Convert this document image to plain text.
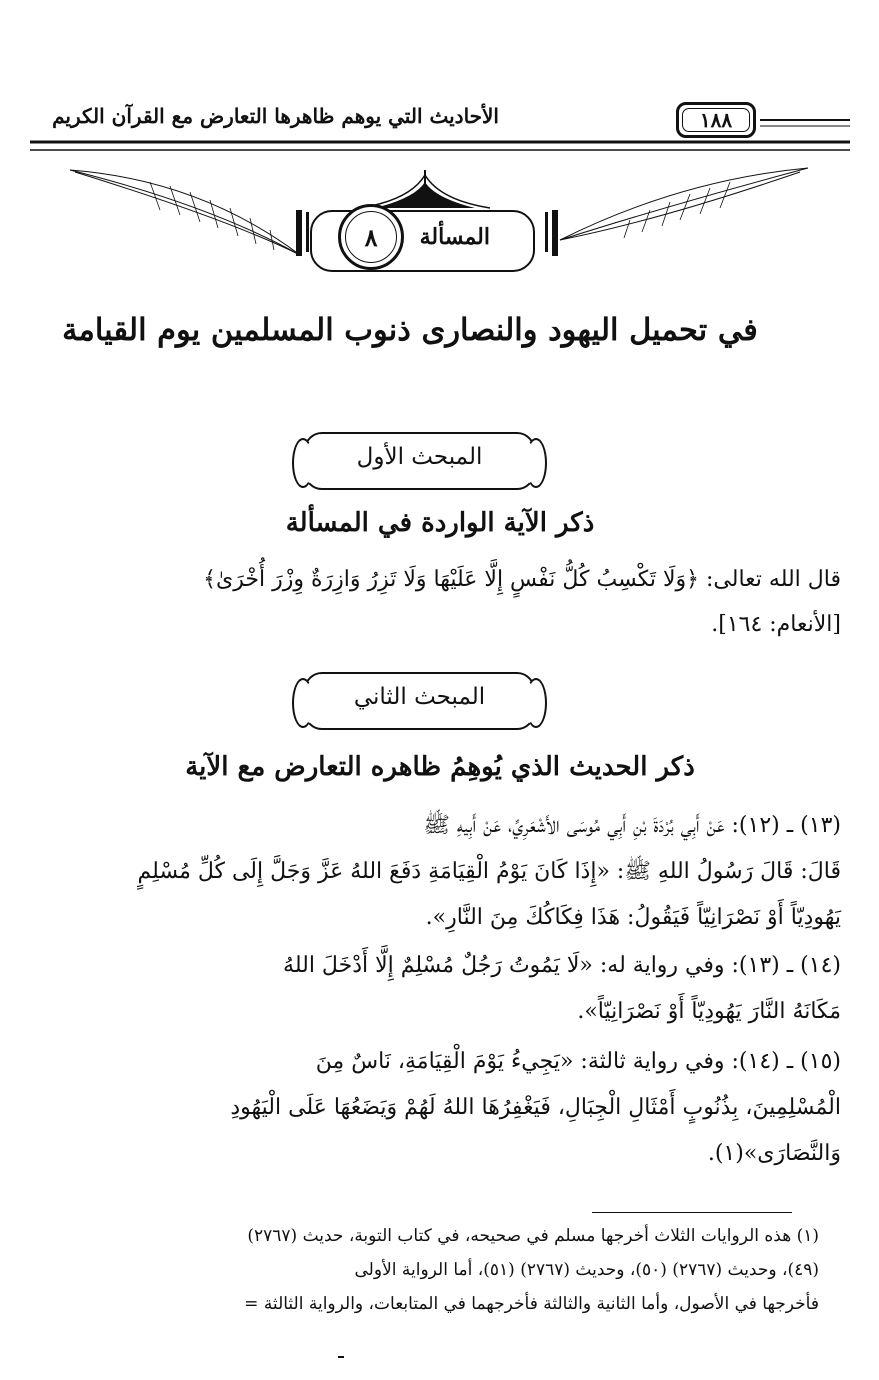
الأحاديث التي يوهم ظاهرها التعارض مع القرآن الكريم	١٨٨
المسألة
٨
في تحميل اليهود والنصارى ذنوب المسلمين يوم القيامة
المبحث الأول
ذكر الآية الواردة في المسألة
قال الله تعالى: ﴿وَلَا تَكْسِبُ كُلُّ نَفْسٍ إِلَّا عَلَيْهَا وَلَا تَزِرُ وَازِرَةٌ وِزْرَ أُخْرَىٰ﴾
[الأنعام: ١٦٤].
المبحث الثاني
ذكر الحديث الذي يُوهِمُ ظاهره التعارض مع الآية
(١٣) ـ (١٢): عَنْ أَبِي بُرْدَةَ بْنِ أَبِي مُوسَى الأَشْعَرِيِّ، عَنْ أَبِيهِ ﷺ
قَالَ: قَالَ رَسُولُ اللهِ ﷺ: «إِذَا كَانَ يَوْمُ الْقِيَامَةِ دَفَعَ اللهُ عَزَّ وَجَلَّ إِلَى كُلِّ مُسْلِمٍ
يَهُودِيّاً أَوْ نَصْرَانِيّاً فَيَقُولُ: هَذَا فِكَاكُكَ مِنَ النَّارِ».
(١٤) ـ (١٣): وفي رواية له: «لَا يَمُوتُ رَجُلٌ مُسْلِمٌ إِلَّا أَدْخَلَ اللهُ
مَكَانَهُ النَّارَ يَهُودِيّاً أَوْ نَصْرَانِيّاً».
(١٥) ـ (١٤): وفي رواية ثالثة: «يَجِيءُ يَوْمَ الْقِيَامَةِ، نَاسٌ مِنَ
الْمُسْلِمِينَ، بِذُنُوبٍ أَمْثَالِ الْجِبَالِ، فَيَغْفِرُهَا اللهُ لَهُمْ وَيَضَعُهَا عَلَى الْيَهُودِ
وَالنَّصَارَى»(١).
(١) هذه الروايات الثلاث أخرجها مسلم في صحيحه، في كتاب التوبة، حديث (٢٧٦٧)
(٤٩)، وحديث (٢٧٦٧) (٥٠)، وحديث (٢٧٦٧) (٥١)، أما الرواية الأولى
فأخرجها في الأصول، وأما الثانية والثالثة فأخرجهما في المتابعات، والرواية الثالثة =
